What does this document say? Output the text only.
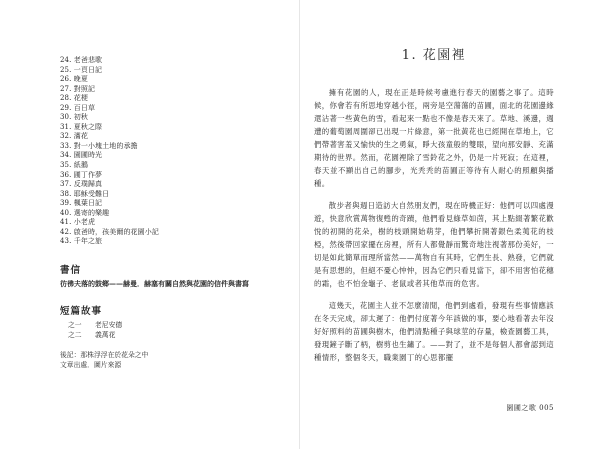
24. 老爸悲歌
25. 一頁日記
26. 晚夏
27. 對照記
28. 花梗
29. 百日草
30. 初秋
31. 夏秋之際
32. 滿花
33. 對一小塊土地的承擔
34. 園圃時光
35. 紙鵝
36. 圃丁作夢
37. 反璞歸真
38. 耶穌受難日
39. 楓葉日記
40. 選寄的樂趣
41. 小老虎
42. 啟爸時，孩美爾的花園小記
43. 千年之旅
書信
彷彿夫落的鼓鄉——赫曼．赫塞有關自然與花園的信件與書寫
短篇故事
之一 老尼安德
之二 義萬花
後記：那株浮浮在於花朵之中
文章出處．圖片來源
1. 花園裡

擁有花園的人，現在正是時候考慮進行春天的園藝之事了。這時候，你會若有所思地穿越小徑，兩旁是空蕩蕩的苗圃，面北的花園邊緣還沾著一些黃色的雪，看起來一點也不像是春天來了。草地、溪邊，週遭的葡萄園周圍卻已出現一片綠意，第一批黃花也已經開在草地上，它們帶著害羞又愉快的生之勇氣，睜大孩童般的雙眼，望向那安靜、充滿期待的世界。然而，花園裡除了雪鈴花之外，仍是一片死寂；在這裡，春天並不顯出自己的腳步，光秃秃的苗圃正等待有人耐心的照顧與播種。

散步者與週日造訪大自然朋友們，現在時機正好：他們可以四處漫遊，快意欣賞萬物復甦的奇蹟，他們看見綠草如茵，其上點綴著繁花歡悅的初開的花朵，樹的枝頭開始萌芽，他們攀折開著銀色柔荑花的枝椏，然後帶回家擺在房裡，所有人都覺靜而驚奇地注視著那份美好，一切是如此簡單而理所當然——萬物自有其時，它們生長、熟發，它們就是有思想的，但絕不憂心忡忡，因為它們只看見當下，卻不用害怕花穗的霜，也不怕金龜子、老鼠或者其他草而的危害。

這幾天，花園主人並不怎麼清閒，他們到處看，發現有些事情應該在冬天完成，卻太遲了：他們付度著今年該做的事，要心地看著去年沒好好照料的苗圃與樹木，他們清點種子與球莖的存量，檢查園藝工具，發現鏟子斷了柄，樹剪也生鏽了。——對了，並不是每個人都會認到這種情形，整個冬天，職業園丁的心思都擺

園圃之歌 005
